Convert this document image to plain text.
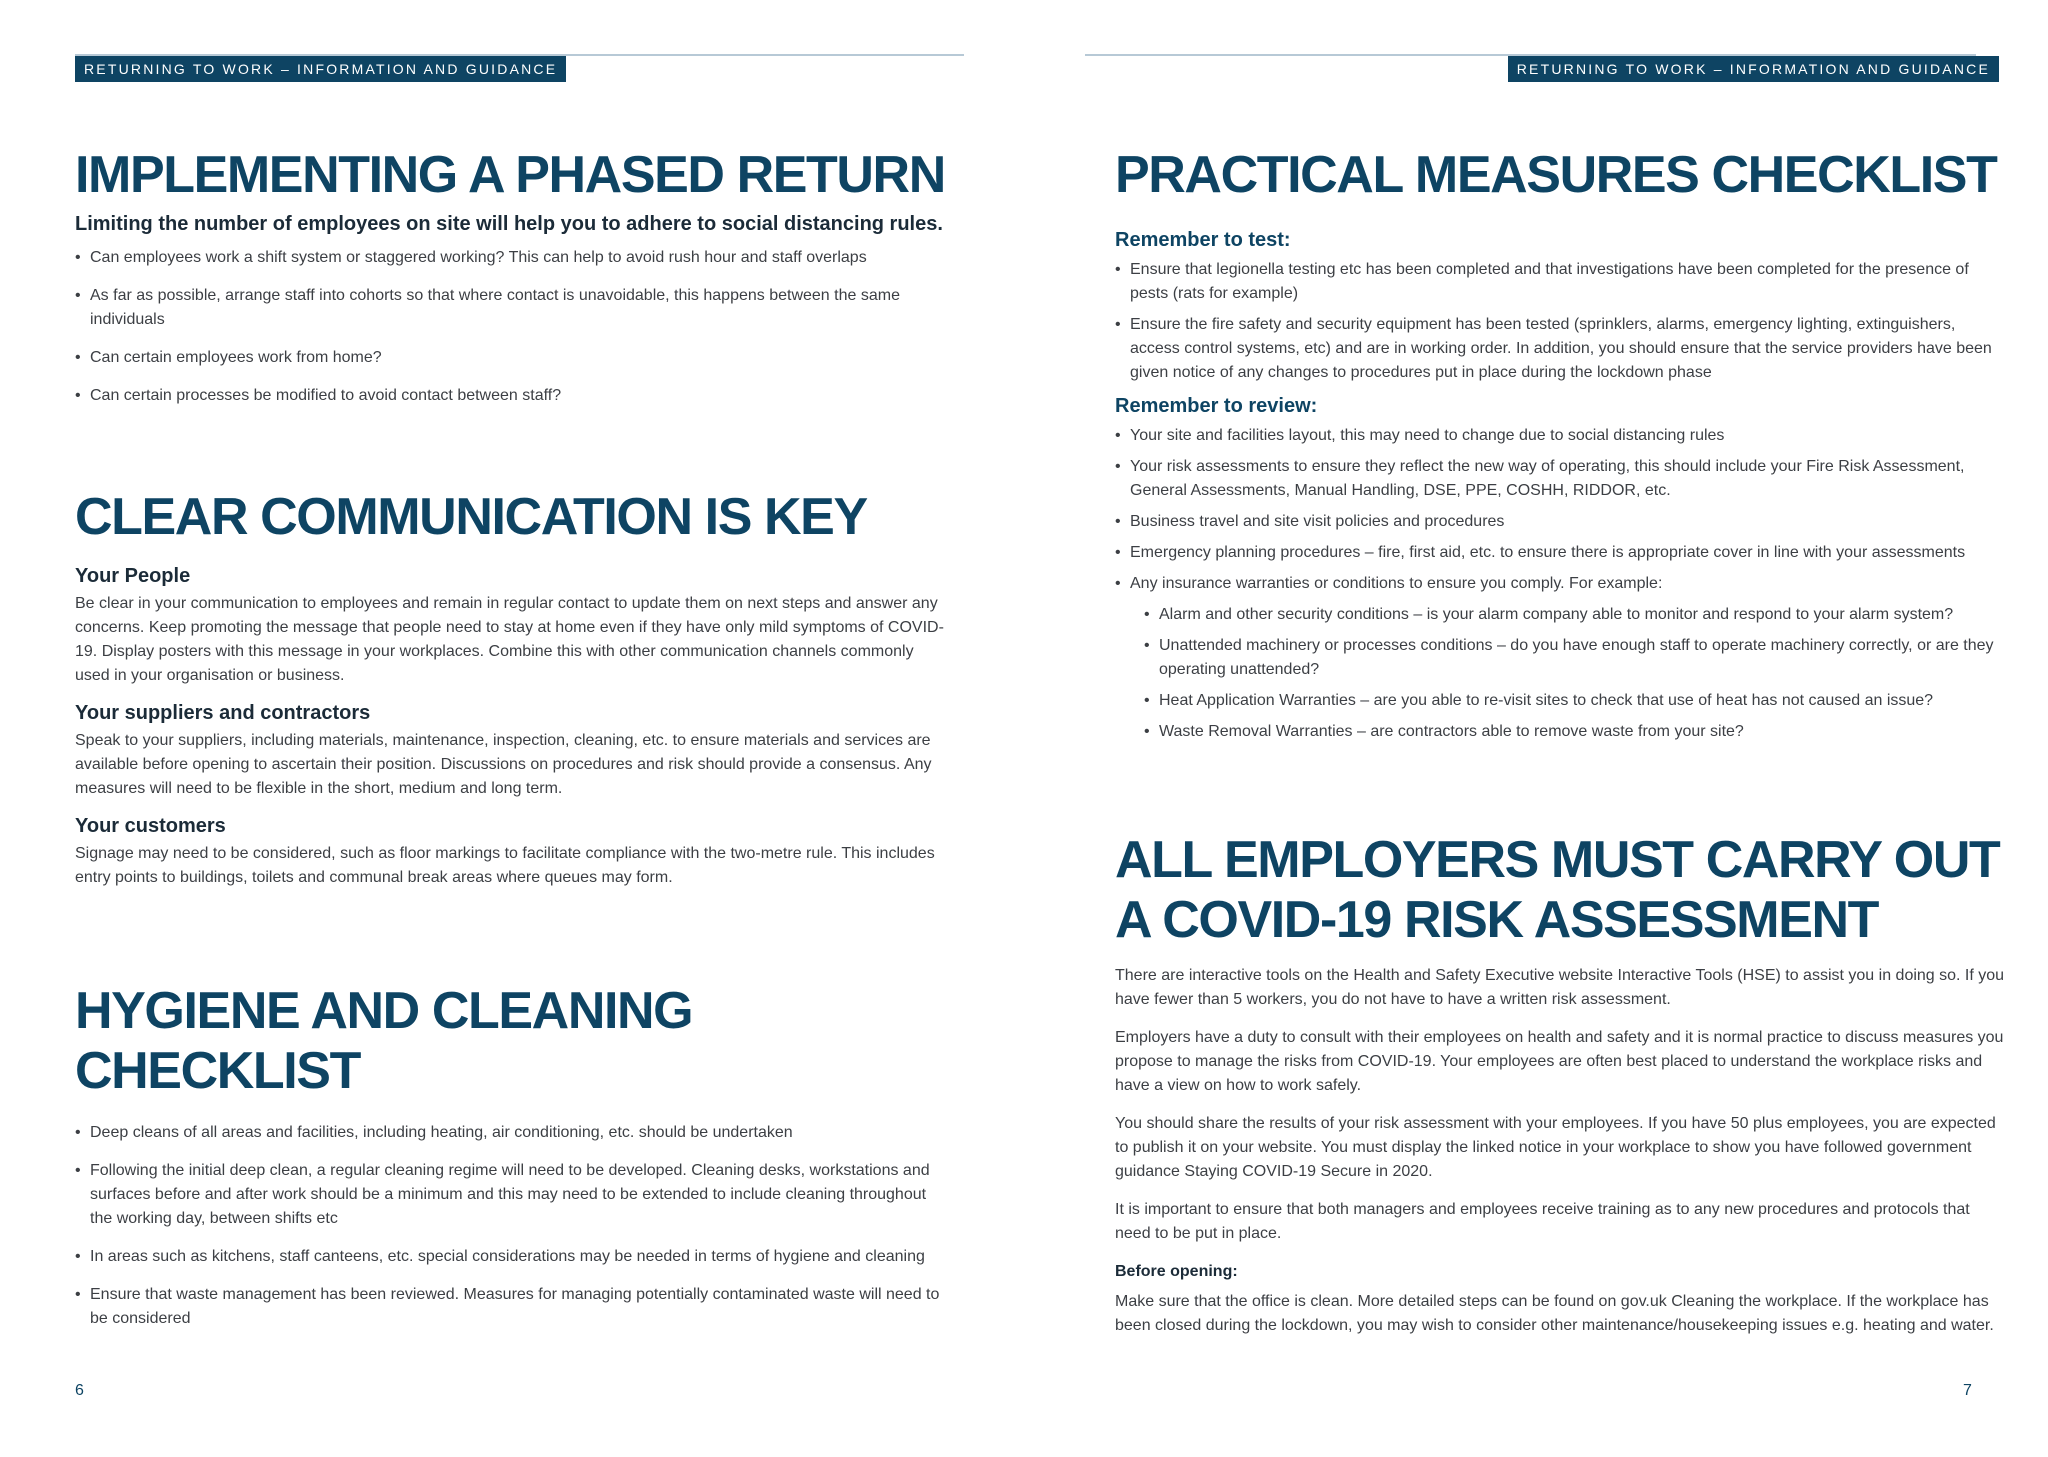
RETURNING TO WORK – INFORMATION AND GUIDANCE
IMPLEMENTING A PHASED RETURN
Limiting the number of employees on site will help you to adhere to social distancing rules.
• Can employees work a shift system or staggered working? This can help to avoid rush hour and staff overlaps
• As far as possible, arrange staff into cohorts so that where contact is unavoidable, this happens between the same individuals
• Can certain employees work from home?
• Can certain processes be modified to avoid contact between staff?
CLEAR COMMUNICATION IS KEY
Your People

Be clear in your communication to employees and remain in regular contact to update them on next steps and answer any concerns. Keep promoting the message that people need to stay at home even if they have only mild symptoms of COVID-19. Display posters with this message in your workplaces. Combine this with other communication channels commonly used in your organisation or business.

Your suppliers and contractors

Speak to your suppliers, including materials, maintenance, inspection, cleaning, etc. to ensure materials and services are available before opening to ascertain their position. Discussions on procedures and risk should provide a consensus. Any measures will need to be flexible in the short, medium and long term.

Your customers

Signage may need to be considered, such as floor markings to facilitate compliance with the two-metre rule. This includes entry points to buildings, toilets and communal break areas where queues may form.

HYGIENE AND CLEANING CHECKLIST
• Deep cleans of all areas and facilities, including heating, air conditioning, etc. should be undertaken
• Following the initial deep clean, a regular cleaning regime will need to be developed. Cleaning desks, workstations and surfaces before and after work should be a minimum and this may need to be extended to include cleaning throughout the working day, between shifts etc
• In areas such as kitchens, staff canteens, etc. special considerations may be needed in terms of hygiene and cleaning
• Ensure that waste management has been reviewed. Measures for managing potentially contaminated waste will need to be considered
6
RETURNING TO WORK – INFORMATION AND GUIDANCE
PRACTICAL MEASURES CHECKLIST
Remember to test:
• Ensure that legionella testing etc has been completed and that investigations have been completed for the presence of pests (rats for example)
• Ensure the fire safety and security equipment has been tested (sprinklers, alarms, emergency lighting, extinguishers, access control systems, etc) and are in working order. In addition, you should ensure that the service providers have been given notice of any changes to procedures put in place during the lockdown phase
Remember to review:
• Your site and facilities layout, this may need to change due to social distancing rules
• Your risk assessments to ensure they reflect the new way of operating, this should include your Fire Risk Assessment, General Assessments, Manual Handling, DSE, PPE, COSHH, RIDDOR, etc.
• Business travel and site visit policies and procedures
• Emergency planning procedures – fire, first aid, etc. to ensure there is appropriate cover in line with your assessments
• Any insurance warranties or conditions to ensure you comply. For example:
• Alarm and other security conditions – is your alarm company able to monitor and respond to your alarm system?
• Unattended machinery or processes conditions – do you have enough staff to operate machinery correctly, or are they operating unattended?
• Heat Application Warranties – are you able to re-visit sites to check that use of heat has not caused an issue?
• Waste Removal Warranties – are contractors able to remove waste from your site?
ALL EMPLOYERS MUST CARRY OUT
A COVID-19 RISK ASSESSMENT

There are interactive tools on the Health and Safety Executive website Interactive Tools (HSE) to assist you in doing so. If you have fewer than 5 workers, you do not have to have a written risk assessment.

Employers have a duty to consult with their employees on health and safety and it is normal practice to discuss measures you propose to manage the risks from COVID-19. Your employees are often best placed to understand the workplace risks and have a view on how to work safely.

You should share the results of your risk assessment with your employees. If you have 50 plus employees, you are expected to publish it on your website. You must display the linked notice in your workplace to show you have followed government guidance Staying COVID-19 Secure in 2020.

It is important to ensure that both managers and employees receive training as to any new procedures and protocols that need to be put in place.

Before opening:

Make sure that the office is clean. More detailed steps can be found on gov.uk Cleaning the workplace. If the workplace has been closed during the lockdown, you may wish to consider other maintenance/housekeeping issues e.g. heating and water.

7
